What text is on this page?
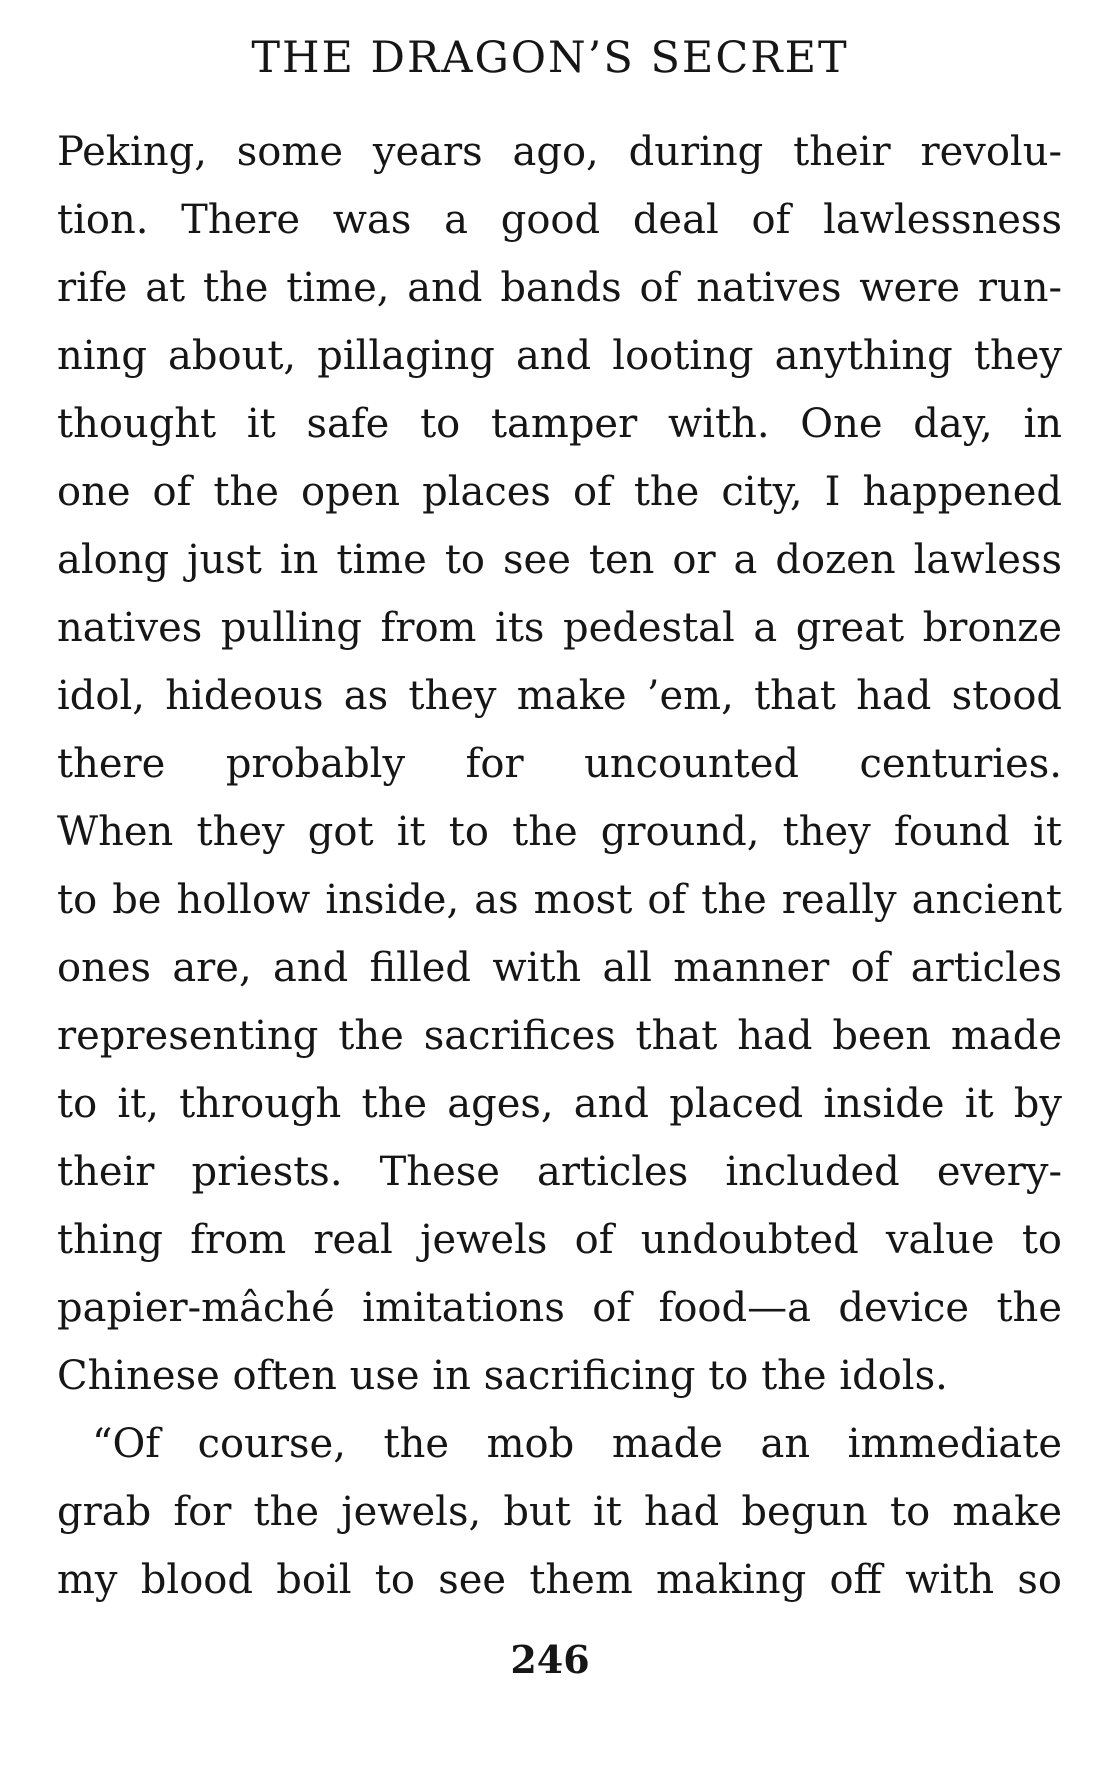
THE DRAGON’S SECRET
Peking, some years ago, during their revolu-
tion. There was a good deal of lawlessness
rife at the time, and bands of natives were run-
ning about, pillaging and looting anything they
thought it safe to tamper with. One day, in
one of the open places of the city, I happened
along just in time to see ten or a dozen lawless
natives pulling from its pedestal a great bronze
idol, hideous as they make ’em, that had stood
there probably for uncounted centuries.
When they got it to the ground, they found it
to be hollow inside, as most of the really ancient
ones are, and filled with all manner of articles
representing the sacrifices that had been made
to it, through the ages, and placed inside it by
their priests. These articles included every-
thing from real jewels of undoubted value to
papier-mâché imitations of food—a device the
Chinese often use in sacrificing to the idols.
“Of course, the mob made an immediate
grab for the jewels, but it had begun to make
my blood boil to see them making off with so
246
